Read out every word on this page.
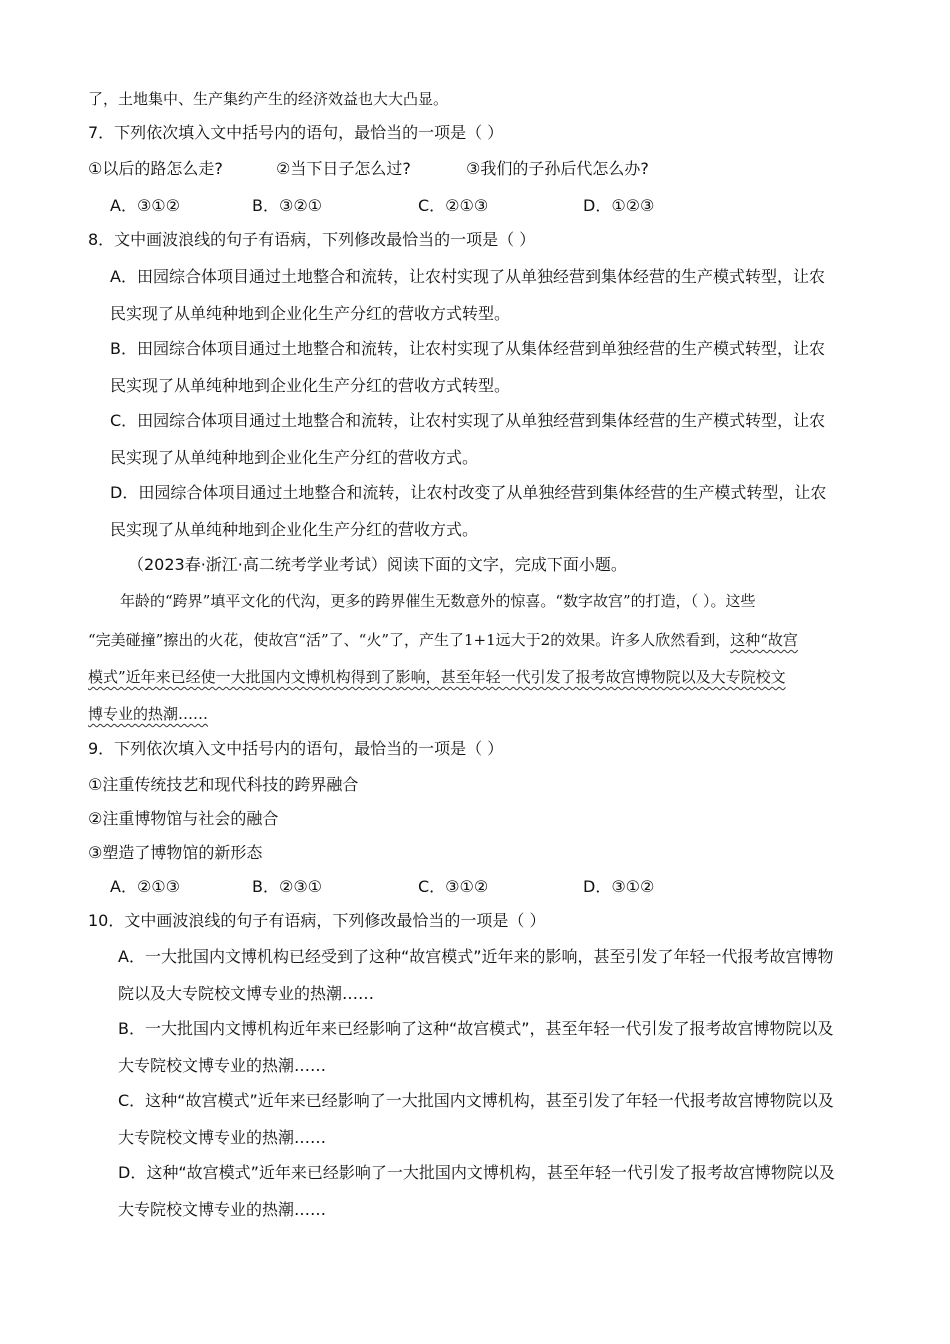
了，土地集中、生产集约产生的经济效益也大大凸显。
7．下列依次填入文中括号内的语句，最恰当的一项是（ ）
①以后的路怎么走?	②当下日子怎么过?	③我们的子孙后代怎么办?
A．③①②	B．③②①	C．②①③	D．①②③
8．文中画波浪线的句子有语病，下列修改最恰当的一项是（ ）
A．田园综合体项目通过土地整合和流转，让农村实现了从单独经营到集体经营的生产模式转型，让农
民实现了从单纯种地到企业化生产分红的营收方式转型。
B．田园综合体项目通过土地整合和流转，让农村实现了从集体经营到单独经营的生产模式转型，让农
民实现了从单纯种地到企业化生产分红的营收方式转型。
C．田园综合体项目通过土地整合和流转，让农村实现了从单独经营到集体经营的生产模式转型，让农
民实现了从单纯种地到企业化生产分红的营收方式。
D．田园综合体项目通过土地整合和流转，让农村改变了从单独经营到集体经营的生产模式转型，让农
民实现了从单纯种地到企业化生产分红的营收方式。
（2023春·浙江·高二统考学业考试）阅读下面的文字，完成下面小题。
年龄的“跨界”填平文化的代沟，更多的跨界催生无数意外的惊喜。“数字故宫”的打造，（ ）。这些
“完美碰撞”擦出的火花，使故宫“活”了、“火”了，产生了1+1远大于2的效果。许多人欣然看到，这种“故宫
模式”近年来已经使一大批国内文博机构得到了影响，甚至年轻一代引发了报考故宫博物院以及大专院校文
博专业的热潮……
9．下列依次填入文中括号内的语句，最恰当的一项是（ ）
①注重传统技艺和现代科技的跨界融合
②注重博物馆与社会的融合
③塑造了博物馆的新形态
A．②①③	B．②③①	C．③①②	D．③①②
10．文中画波浪线的句子有语病，下列修改最恰当的一项是（ ）
A．一大批国内文博机构已经受到了这种“故宫模式”近年来的影响，甚至引发了年轻一代报考故宫博物
院以及大专院校文博专业的热潮……
B．一大批国内文博机构近年来已经影响了这种“故宫模式”，甚至年轻一代引发了报考故宫博物院以及
大专院校文博专业的热潮……
C．这种“故宫模式”近年来已经影响了一大批国内文博机构，甚至引发了年轻一代报考故宫博物院以及
大专院校文博专业的热潮……
D．这种“故宫模式”近年来已经影响了一大批国内文博机构，甚至年轻一代引发了报考故宫博物院以及
大专院校文博专业的热潮……
